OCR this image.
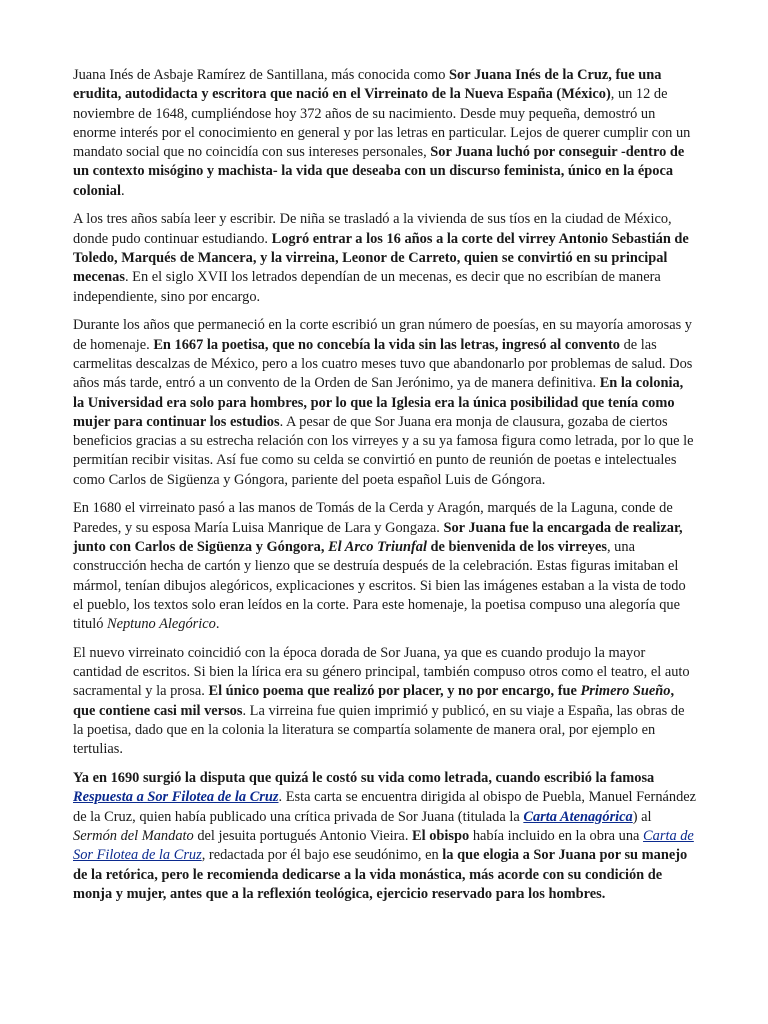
Juana Inés de Asbaje Ramírez de Santillana, más conocida como Sor Juana Inés de la Cruz, fue una erudita, autodidacta y escritora que nació en el Virreinato de la Nueva España (México), un 12 de noviembre de 1648, cumpliéndose hoy 372 años de su nacimiento. Desde muy pequeña, demostró un enorme interés por el conocimiento en general y por las letras en particular. Lejos de querer cumplir con un mandato social que no coincidía con sus intereses personales, Sor Juana luchó por conseguir -dentro de un contexto misógino y machista- la vida que deseaba con un discurso feminista, único en la época colonial.

A los tres años sabía leer y escribir. De niña se trasladó a la vivienda de sus tíos en la ciudad de México, donde pudo continuar estudiando. Logró entrar a los 16 años a la corte del virrey Antonio Sebastián de Toledo, Marqués de Mancera, y la virreina, Leonor de Carreto, quien se convirtió en su principal mecenas. En el siglo XVII los letrados dependían de un mecenas, es decir que no escribían de manera independiente, sino por encargo.

Durante los años que permaneció en la corte escribió un gran número de poesías, en su mayoría amorosas y de homenaje. En 1667 la poetisa, que no concebía la vida sin las letras, ingresó al convento de las carmelitas descalzas de México, pero a los cuatro meses tuvo que abandonarlo por problemas de salud. Dos años más tarde, entró a un convento de la Orden de San Jerónimo, ya de manera definitiva. En la colonia, la Universidad era solo para hombres, por lo que la Iglesia era la única posibilidad que tenía como mujer para continuar los estudios. A pesar de que Sor Juana era monja de clausura, gozaba de ciertos beneficios gracias a su estrecha relación con los virreyes y a su ya famosa figura como letrada, por lo que le permitían recibir visitas. Así fue como su celda se convirtió en punto de reunión de poetas e intelectuales como Carlos de Sigüenza y Góngora, pariente del poeta español Luis de Góngora.

En 1680 el virreinato pasó a las manos de Tomás de la Cerda y Aragón, marqués de la Laguna, conde de Paredes, y su esposa María Luisa Manrique de Lara y Gongaza. Sor Juana fue la encargada de realizar, junto con Carlos de Sigüenza y Góngora, El Arco Triunfal de bienvenida de los virreyes, una construcción hecha de cartón y lienzo que se destruía después de la celebración. Estas figuras imitaban el mármol, tenían dibujos alegóricos, explicaciones y escritos. Si bien las imágenes estaban a la vista de todo el pueblo, los textos solo eran leídos en la corte. Para este homenaje, la poetisa compuso una alegoría que tituló Neptuno Alegórico.

El nuevo virreinato coincidió con la época dorada de Sor Juana, ya que es cuando produjo la mayor cantidad de escritos. Si bien la lírica era su género principal, también compuso otros como el teatro, el auto sacramental y la prosa. El único poema que realizó por placer, y no por encargo, fue Primero Sueño, que contiene casi mil versos. La virreina fue quien imprimió y publicó, en su viaje a España, las obras de la poetisa, dado que en la colonia la literatura se compartía solamente de manera oral, por ejemplo en tertulias.

Ya en 1690 surgió la disputa que quizá le costó su vida como letrada, cuando escribió la famosa Respuesta a Sor Filotea de la Cruz. Esta carta se encuentra dirigida al obispo de Puebla, Manuel Fernández de la Cruz, quien había publicado una crítica privada de Sor Juana (titulada la Carta Atenagórica) al Sermón del Mandato del jesuita portugués Antonio Vieira. El obispo había incluido en la obra una Carta de Sor Filotea de la Cruz, redactada por él bajo ese seudónimo, en la que elogia a Sor Juana por su manejo de la retórica, pero le recomienda dedicarse a la vida monástica, más acorde con su condición de monja y mujer, antes que a la reflexión teológica, ejercicio reservado para los hombres.
